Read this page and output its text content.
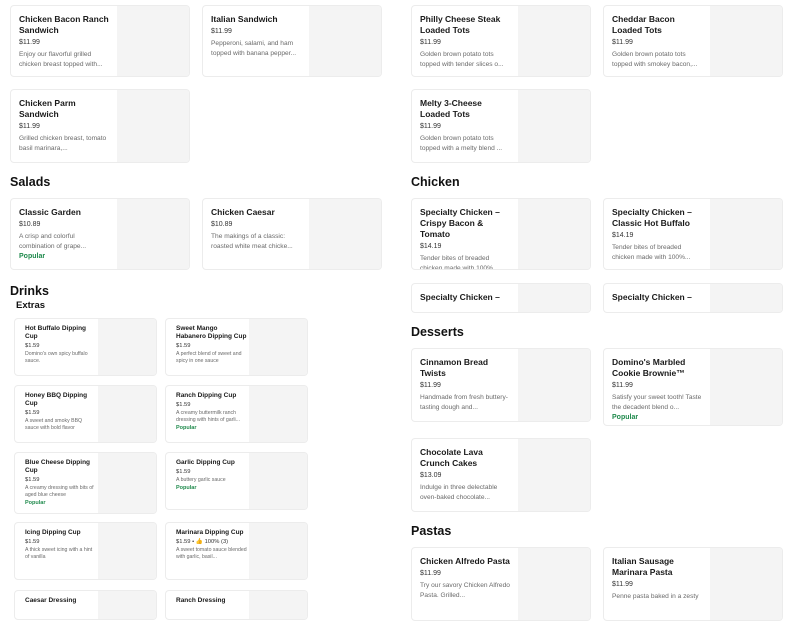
Chicken Bacon Ranch Sandwich
$11.99
Enjoy our flavorful grilled chicken breast topped with...
Italian Sandwich
$11.99
Pepperoni, salami, and ham topped with banana pepper...
Chicken Parm Sandwich
$11.99
Grilled chicken breast, tomato basil marinara,...
Philly Cheese Steak Loaded Tots
$11.99
Golden brown potato tots topped with tender slices o...
Cheddar Bacon Loaded Tots
$11.99
Golden brown potato tots topped with smokey bacon,...
Melty 3-Cheese Loaded Tots
$11.99
Golden brown potato tots topped with a melty blend ...
Salads
Classic Garden
$10.89
A crisp and colorful combination of grape...
Popular
Chicken Caesar
$10.89
The makings of a classic: roasted white meat chicke...
Chicken
Specialty Chicken – Crispy Bacon & Tomato
$14.19
Tender bites of breaded chicken made with 100%...
Specialty Chicken – Classic Hot Buffalo
$14.19
Tender bites of breaded chicken made with 100%...
Specialty Chicken –	Specialty Chicken –
Drinks
Extras
Hot Buffalo Dipping Cup
$1.59
Domino's own spicy buffalo sauce.
Sweet Mango Habanero Dipping Cup
$1.59
A perfect blend of sweet and spicy in one sauce
Honey BBQ Dipping Cup
$1.59
A sweet and smoky BBQ sauce with bold flavor
Ranch Dipping Cup
$1.59
A creamy buttermilk ranch dressing with hints of garli...
Popular
Blue Cheese Dipping Cup
$1.59
A creamy dressing with bits of aged blue cheese
Popular
Garlic Dipping Cup
$1.59
A buttery garlic sauce
Popular
Icing Dipping Cup
$1.59
A thick sweet icing with a hint of vanilla
Marinara Dipping Cup
$1.59 • 👍 100% (3)
A sweet tomato sauce blended with garlic, basil...
Caesar Dressing	Ranch Dressing
Desserts
Cinnamon Bread Twists
$11.99
Handmade from fresh buttery-tasting dough and...
Domino's Marbled Cookie Brownie™
$11.99
Satisfy your sweet tooth! Taste the decadent blend o...
Popular
Chocolate Lava Crunch Cakes
$13.09
Indulge in three delectable oven-baked chocolate...
Pastas
Chicken Alfredo Pasta
$11.99
Try our savory Chicken Alfredo Pasta. Grilled...
Italian Sausage Marinara Pasta
$11.99
Penne pasta baked in a zesty
